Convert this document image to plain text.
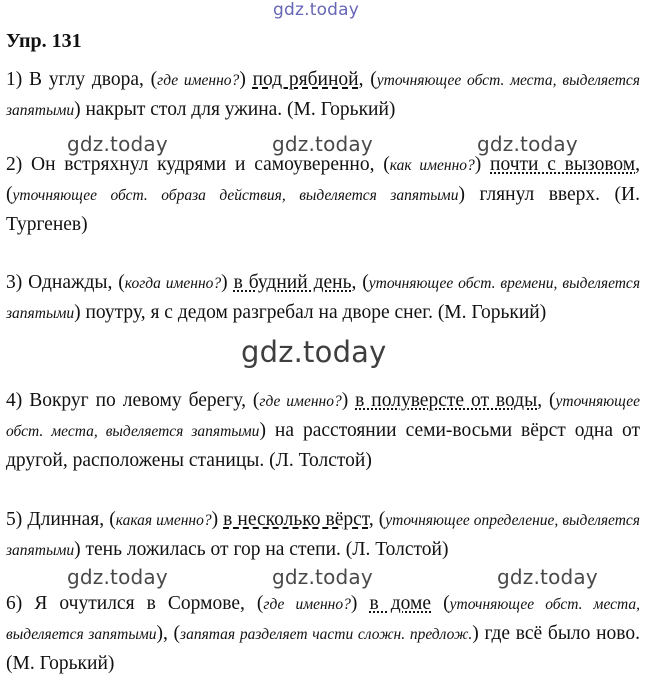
gdz.today
Упр. 131
1) В углу двора, (где именно?) под рябиной, (уточняющее обст. места, выделяется запятыми) накрыт стол для ужина. (М. Горький)
gdz.today	gdz.today	gdz.today
2) Он встряхнул кудрями и самоуверенно, (как именно?) почти с вызовом, (уточняющее обст. образа действия, выделяется запятыми) глянул вверх. (И. Тургенев)
3) Однажды, (когда именно?) в будний день, (уточняющее обст. времени, выделяется запятыми) поутру, я с дедом разгребал на дворе снег. (М. Горький)
gdz.today
4) Вокруг по левому берегу, (где именно?) в полуверсте от воды, (уточняющее обст. места, выделяется запятыми) на расстоянии семи-восьми вёрст одна от другой, расположены станицы. (Л. Толстой)
5) Длинная, (какая именно?) в несколько вёрст, (уточняющее определение, выделяется запятыми) тень ложилась от гор на степи. (Л. Толстой)
gdz.today	gdz.today	gdz.today
6) Я очутился в Сормове, (где именно?) в доме (уточняющее обст. места, выделяется запятыми), (запятая разделяет части сложн. предлож.) где всё было ново. (М. Горький)
